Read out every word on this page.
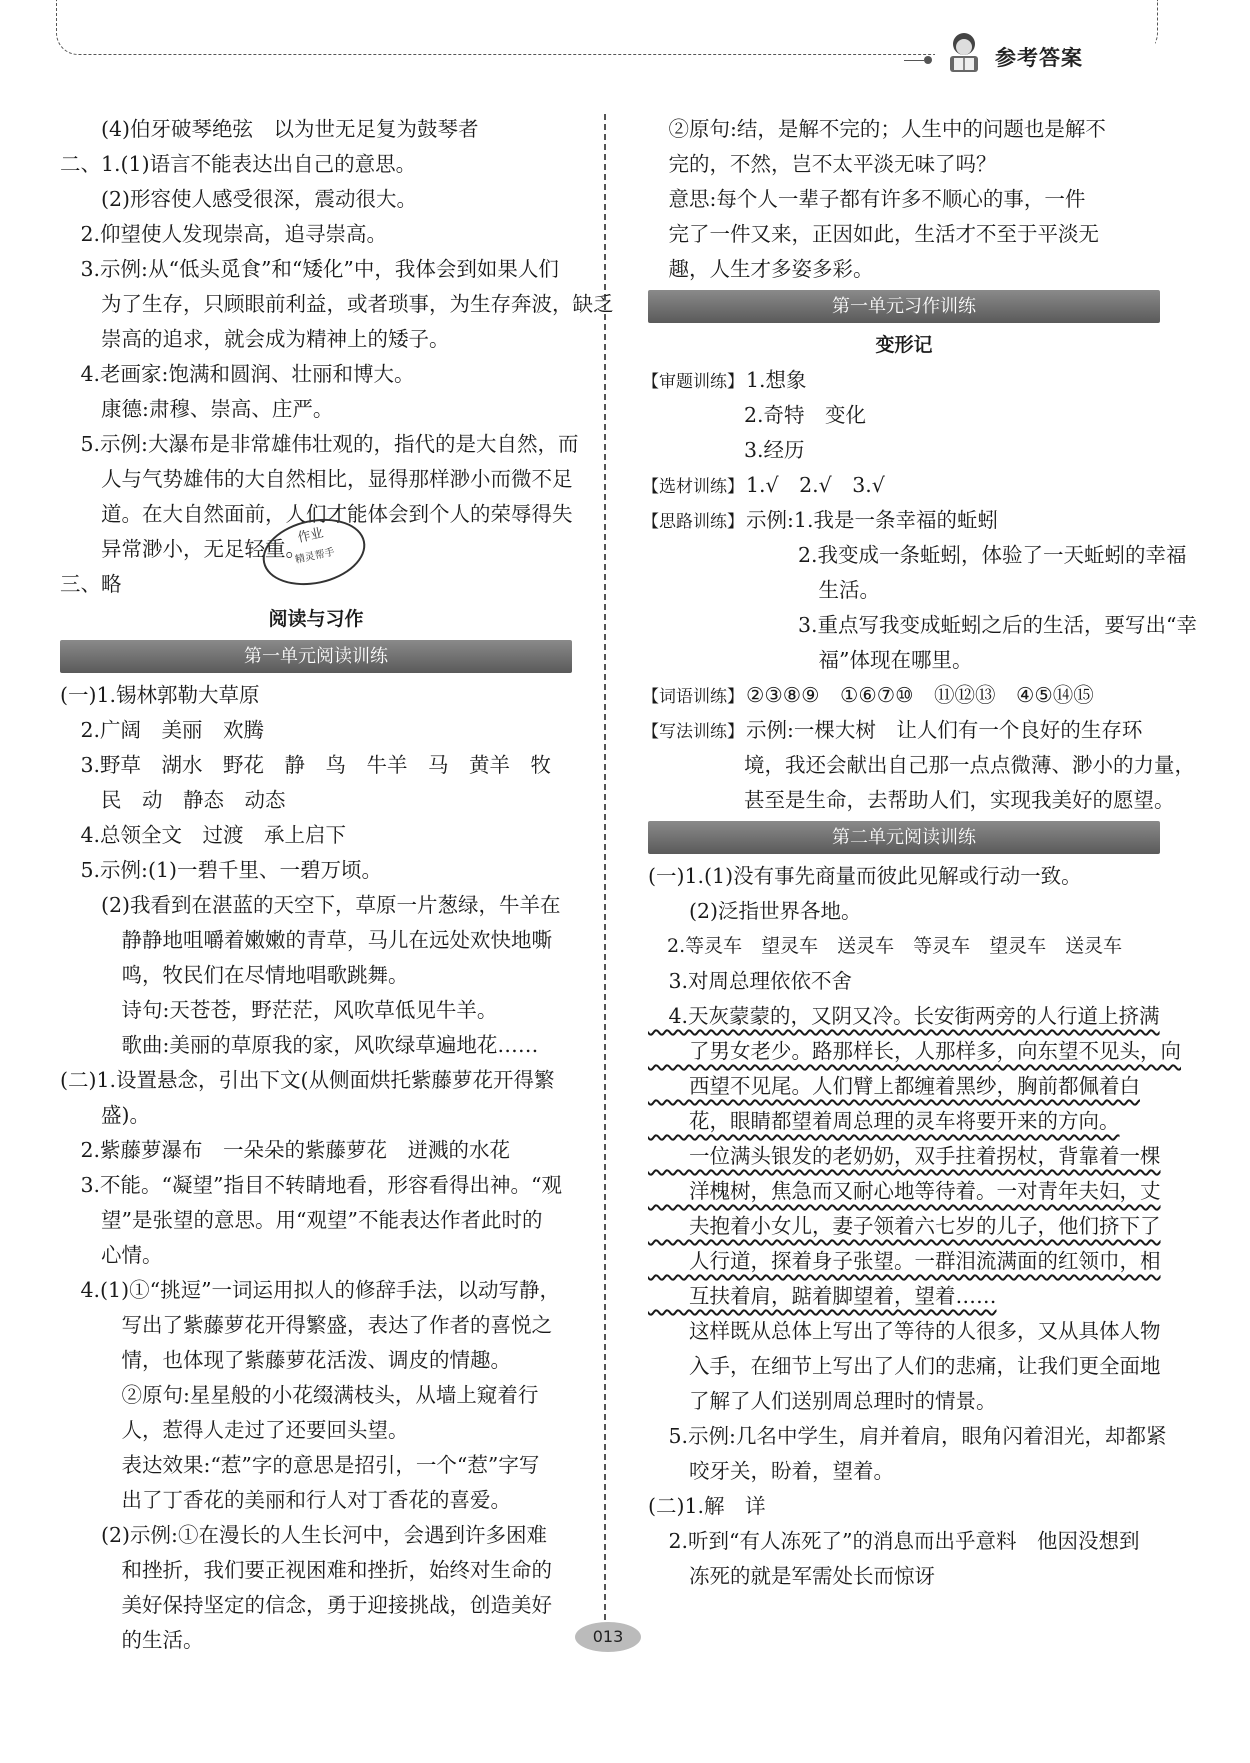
参考答案
　　(4)伯牙破琴绝弦　以为世无足复为鼓琴者
二、1.(1)语言不能表达出自己的意思。
　　(2)形容使人感受很深，震动很大。
　2.仰望使人发现崇高，追寻崇高。
　3.示例:从“低头觅食”和“矮化”中，我体会到如果人们
　　为了生存，只顾眼前利益，或者琐事，为生存奔波，缺乏
　　崇高的追求，就会成为精神上的矮子。
　4.老画家:饱满和圆润、壮丽和博大。
　　康德:肃穆、崇高、庄严。
　5.示例:大瀑布是非常雄伟壮观的，指代的是大自然，而
　　人与气势雄伟的大自然相比，显得那样渺小而微不足
　　道。在大自然面前，人们才能体会到个人的荣辱得失
　　异常渺小，无足轻重。
三、略
阅读与习作
第一单元阅读训练
(一)1.锡林郭勒大草原
　2.广阔　美丽　欢腾
　3.野草　湖水　野花　静　鸟　牛羊　马　黄羊　牧
　　民　动　静态　动态
　4.总领全文　过渡　承上启下
　5.示例:(1)一碧千里、一碧万顷。
　　(2)我看到在湛蓝的天空下，草原一片葱绿，牛羊在
　　　静静地咀嚼着嫩嫩的青草，马儿在远处欢快地嘶
　　　鸣，牧民们在尽情地唱歌跳舞。
　　　诗句:天苍苍，野茫茫，风吹草低见牛羊。
　　　歌曲:美丽的草原我的家，风吹绿草遍地花……
(二)1.设置悬念，引出下文(从侧面烘托紫藤萝花开得繁
　　盛)。
　2.紫藤萝瀑布　一朵朵的紫藤萝花　迸溅的水花
　3.不能。“凝望”指目不转睛地看，形容看得出神。“观
　　望”是张望的意思。用“观望”不能表达作者此时的
　　心情。
　4.(1)①“挑逗”一词运用拟人的修辞手法，以动写静，
　　　写出了紫藤萝花开得繁盛，表达了作者的喜悦之
　　　情，也体现了紫藤萝花活泼、调皮的情趣。
　　　②原句:星星般的小花缀满枝头，从墙上窥着行
　　　人，惹得人走过了还要回头望。
　　　表达效果:“惹”字的意思是招引，一个“惹”字写
　　　出了丁香花的美丽和行人对丁香花的喜爱。
　　(2)示例:①在漫长的人生长河中，会遇到许多困难
　　　和挫折，我们要正视困难和挫折，始终对生命的
　　　美好保持坚定的信念，勇于迎接挑战，创造美好
　　　的生活。
作业
精灵帮手
　②原句:结，是解不完的；人生中的问题也是解不
　完的，不然，岂不太平淡无味了吗？
　意思:每个人一辈子都有许多不顺心的事，一件
　完了一件又来，正因如此，生活才不至于平淡无
　趣，人生才多姿多彩。
第一单元习作训练
变形记
【审题训练】1.想象
2.奇特　变化
3.经历
【选材训练】1.√　2.√　3.√
【思路训练】示例:1.我是一条幸福的蚯蚓
2.我变成一条蚯蚓，体验了一天蚯蚓的幸福
　生活。
3.重点写我变成蚯蚓之后的生活，要写出“幸
　福”体现在哪里。
【词语训练】②③⑧⑨　①⑥⑦⑩　⑪⑫⑬　④⑤⑭⑮
【写法训练】示例:一棵大树　让人们有一个良好的生存环
境，我还会献出自己那一点点微薄、渺小的力量，
甚至是生命，去帮助人们，实现我美好的愿望。
第二单元阅读训练
(一)1.(1)没有事先商量而彼此见解或行动一致。
　　(2)泛指世界各地。
　2.等灵车　望灵车　送灵车　等灵车　望灵车　送灵车
　3.对周总理依依不舍
　4.天灰蒙蒙的，又阴又冷。长安街两旁的人行道上挤满
　　了男女老少。路那样长，人那样多，向东望不见头，向
　　西望不见尾。人们臂上都缠着黑纱，胸前都佩着白
　　花，眼睛都望着周总理的灵车将要开来的方向。
　　一位满头银发的老奶奶，双手拄着拐杖，背靠着一棵
　　洋槐树，焦急而又耐心地等待着。一对青年夫妇，丈
　　夫抱着小女儿，妻子领着六七岁的儿子，他们挤下了
　　人行道，探着身子张望。一群泪流满面的红领巾，相
　　互扶着肩，踮着脚望着，望着……
　　这样既从总体上写出了等待的人很多，又从具体人物
　　入手，在细节上写出了人们的悲痛，让我们更全面地
　　了解了人们送别周总理时的情景。
　5.示例:几名中学生，肩并着肩，眼角闪着泪光，却都紧
　　咬牙关，盼着，望着。
(二)1.解　详
　2.听到“有人冻死了”的消息而出乎意料　他因没想到
　　冻死的就是军需处长而惊讶
013
